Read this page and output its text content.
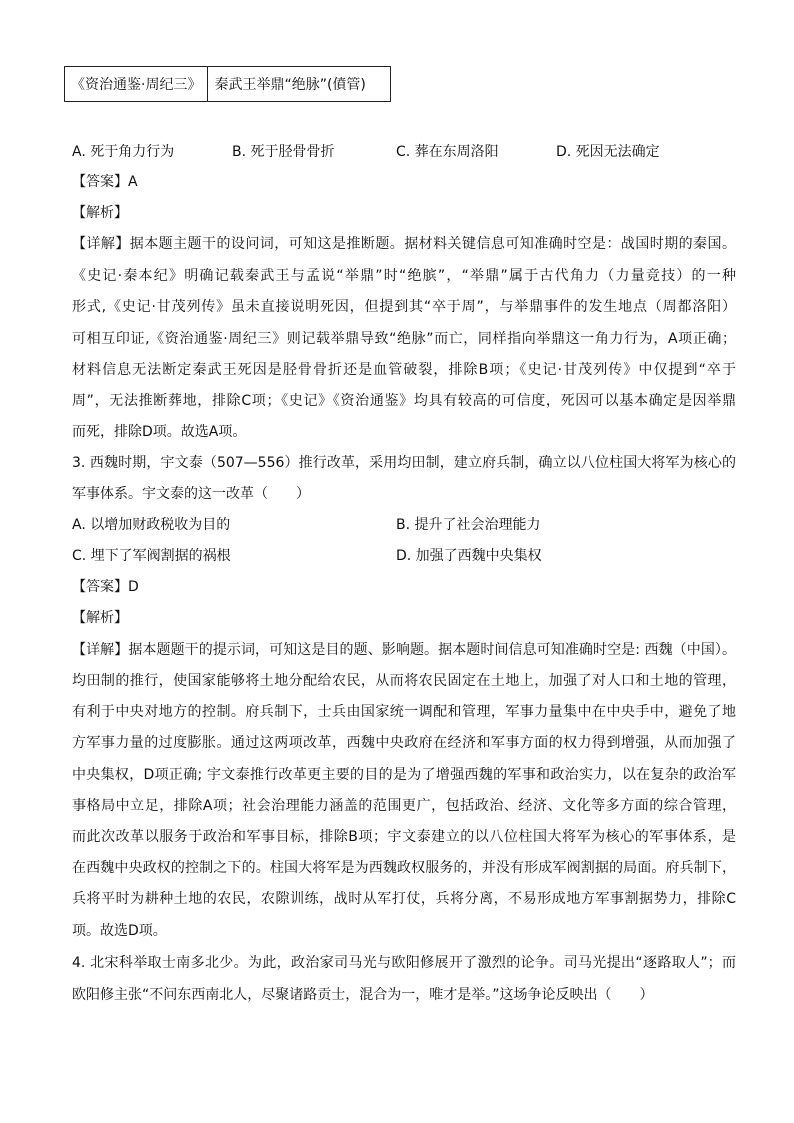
《资治通鉴·周纪三》	秦武王举鼎“绝脉”(僨管)
A. 死于角力行为	B. 死于胫骨骨折	C. 葬在东周洛阳	D. 死因无法确定
【答案】A
【解析】
【详解】据本题主题干的设问词，可知这是推断题。据材料关键信息可知准确时空是：战国时期的秦国。
《史记·秦本纪》明确记载秦武王与孟说“举鼎”时“绝膑”，“举鼎”属于古代角力（力量竞技）的一种
形式,《史记·甘茂列传》虽未直接说明死因，但提到其“卒于周”，与举鼎事件的发生地点（周都洛阳）
可相互印证,《资治通鉴·周纪三》则记载举鼎导致“绝脉”而亡，同样指向举鼎这一角力行为，A项正确；
材料信息无法断定秦武王死因是胫骨骨折还是血管破裂，排除B项；《史记·甘茂列传》中仅提到“卒于
周”，无法推断葬地，排除C项；《史记》《资治通鉴》均具有较高的可信度，死因可以基本确定是因举鼎
而死，排除D项。故选A项。
3. 西魏时期，宇文泰（507—556）推行改革，采用均田制，建立府兵制，确立以八位柱国大将军为核心的
军事体系。宇文泰的这一改革（　　）
A. 以增加财政税收为目的	B. 提升了社会治理能力
C. 埋下了军阀割据的祸根	D. 加强了西魏中央集权
【答案】D
【解析】
【详解】据本题题干的提示词，可知这是目的题、影响题。据本题时间信息可知准确时空是: 西魏（中国）。
均田制的推行，使国家能够将土地分配给农民，从而将农民固定在土地上，加强了对人口和土地的管理，
有利于中央对地方的控制。府兵制下，士兵由国家统一调配和管理，军事力量集中在中央手中，避免了地
方军事力量的过度膨胀。通过这两项改革，西魏中央政府在经济和军事方面的权力得到增强，从而加强了
中央集权，D项正确; 宇文泰推行改革更主要的目的是为了增强西魏的军事和政治实力，以在复杂的政治军
事格局中立足，排除A项；社会治理能力涵盖的范围更广，包括政治、经济、文化等多方面的综合管理，
而此次改革以服务于政治和军事目标，排除B项；宇文泰建立的以八位柱国大将军为核心的军事体系，是
在西魏中央政权的控制之下的。柱国大将军是为西魏政权服务的，并没有形成军阀割据的局面。府兵制下，
兵将平时为耕种土地的农民，农隙训练，战时从军打仗，兵将分离，不易形成地方军事割据势力，排除C
项。故选D项。
4. 北宋科举取士南多北少。为此，政治家司马光与欧阳修展开了激烈的论争。司马光提出“逐路取人”；而
欧阳修主张“不问东西南北人，尽聚诸路贡士，混合为一，唯才是举。”这场争论反映出（　　）
